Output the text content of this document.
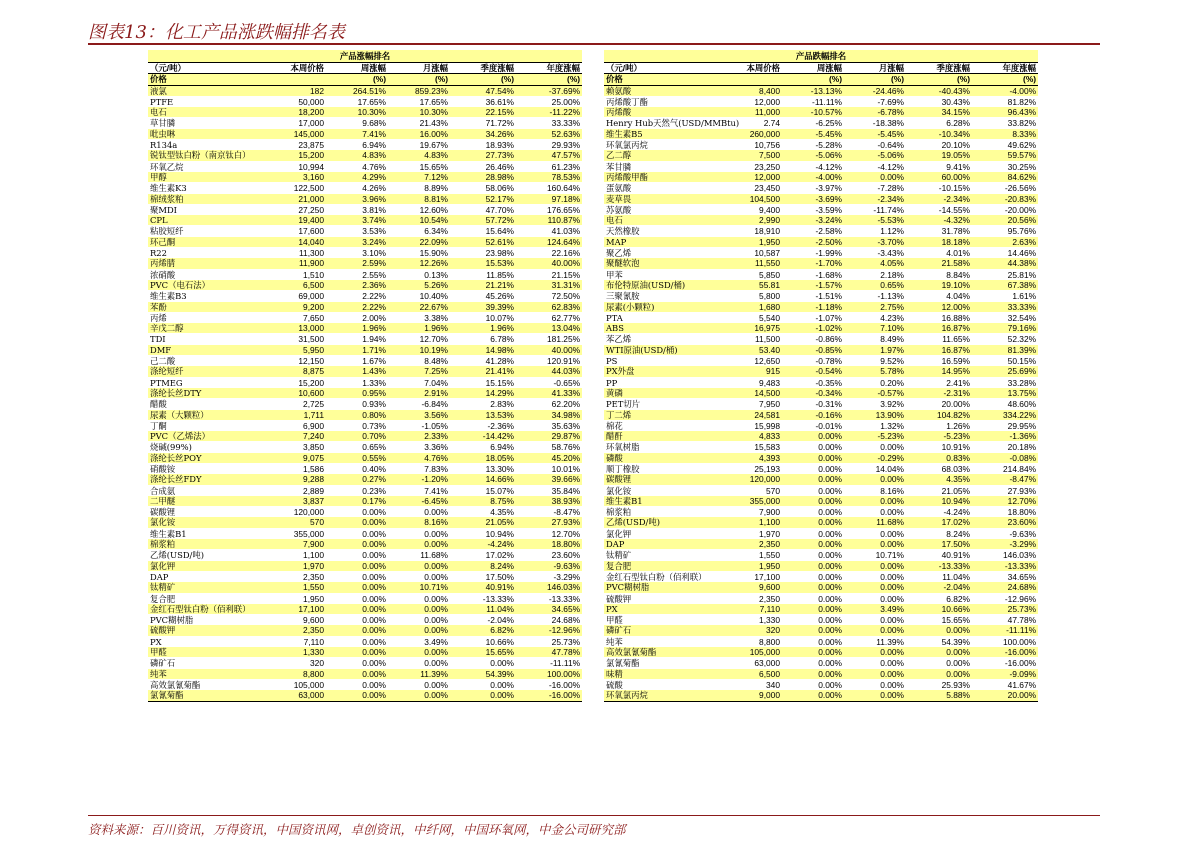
图表13：化工产品涨跌幅排名表
产品涨幅排名					
（元/吨）	本周价格	周涨幅	月涨幅	季度涨幅	年度涨幅
价格		(%)	(%)	(%)	(%)
液氯	182	264.51%	859.23%	47.54%	-37.69%
PTFE	50,000	17.65%	17.65%	36.61%	25.00%
电石	18,200	10.30%	10.30%	22.15%	-11.22%
草甘膦	17,000	9.68%	21.43%	71.72%	33.33%
吡虫啉	145,000	7.41%	16.00%	34.26%	52.63%
R134a	23,875	6.94%	19.67%	18.93%	29.93%
锐钛型钛白粉（南京钛白）	15,200	4.83%	4.83%	27.73%	47.57%
环氧乙烷	10,994	4.76%	15.65%	26.46%	61.23%
甲醇	3,160	4.29%	7.12%	28.98%	78.53%
维生素K3	122,500	4.26%	8.89%	58.06%	160.64%
棉绒浆粕	21,000	3.96%	8.81%	52.17%	97.18%
聚MDI	27,250	3.81%	12.60%	47.70%	176.65%
CPL	19,400	3.74%	10.54%	57.72%	110.87%
粘胶短纤	17,600	3.53%	6.34%	15.64%	41.03%
环己酮	14,040	3.24%	22.09%	52.61%	124.64%
R22	11,300	3.10%	15.90%	23.98%	22.16%
丙烯腈	11,900	2.59%	12.26%	15.53%	40.00%
浓硝酸	1,510	2.55%	0.13%	11.85%	21.15%
PVC（电石法）	6,500	2.36%	5.26%	21.21%	31.31%
维生素B3	69,000	2.22%	10.40%	45.26%	72.50%
苯酚	9,200	2.22%	22.67%	39.39%	62.83%
丙烯	7,650	2.00%	3.38%	10.07%	62.77%
辛戊二醇	13,000	1.96%	1.96%	1.96%	13.04%
TDI	31,500	1.94%	12.70%	6.78%	181.25%
DMF	5,950	1.71%	10.19%	14.98%	40.00%
己二酸	12,150	1.67%	8.48%	41.28%	120.91%
涤纶短纤	8,875	1.43%	7.25%	21.41%	44.03%
PTMEG	15,200	1.33%	7.04%	15.15%	-0.65%
涤纶长丝DTY	10,600	0.95%	2.91%	14.29%	41.33%
醋酸	2,725	0.93%	-6.84%	2.83%	62.20%
尿素（大颗粒）	1,711	0.80%	3.56%	13.53%	34.98%
丁酮	6,900	0.73%	-1.05%	-2.36%	35.63%
PVC（乙烯法）	7,240	0.70%	2.33%	-14.42%	29.87%
烧碱(99%)	3,850	0.65%	3.36%	6.94%	58.76%
涤纶长丝POY	9,075	0.55%	4.76%	18.05%	45.20%
硝酸铵	1,586	0.40%	7.83%	13.30%	10.01%
涤纶长丝FDY	9,288	0.27%	-1.20%	14.66%	39.66%
合成氨	2,889	0.23%	7.41%	15.07%	35.84%
二甲醚	3,837	0.17%	-6.45%	8.75%	38.93%
碳酸锂	120,000	0.00%	0.00%	4.35%	-8.47%
氯化铵	570	0.00%	8.16%	21.05%	27.93%
维生素B1	355,000	0.00%	0.00%	10.94%	12.70%
棉浆粕	7,900	0.00%	0.00%	-4.24%	18.80%
乙烯(USD/吨)	1,100	0.00%	11.68%	17.02%	23.60%
氯化钾	1,970	0.00%	0.00%	8.24%	-9.63%
DAP	2,350	0.00%	0.00%	17.50%	-3.29%
钛精矿	1,550	0.00%	10.71%	40.91%	146.03%
复合肥	1,950	0.00%	0.00%	-13.33%	-13.33%
金红石型钛白粉（佰利联）	17,100	0.00%	0.00%	11.04%	34.65%
PVC糊树脂	9,600	0.00%	0.00%	-2.04%	24.68%
硫酸钾	2,350	0.00%	0.00%	6.82%	-12.96%
PX	7,110	0.00%	3.49%	10.66%	25.73%
甲醛	1,330	0.00%	0.00%	15.65%	47.78%
磷矿石	320	0.00%	0.00%	0.00%	-11.11%
纯苯	8,800	0.00%	11.39%	54.39%	100.00%
高效氯氰菊酯	105,000	0.00%	0.00%	0.00%	-16.00%
氯氰菊酯	63,000	0.00%	0.00%	0.00%	-16.00%
产品跌幅排名					
（元/吨）	本周价格	周涨幅	月涨幅	季度涨幅	年度涨幅
价格		(%)	(%)	(%)	(%)
赖氨酸	8,400	-13.13%	-24.46%	-40.43%	-4.00%
丙烯酸丁酯	12,000	-11.11%	-7.69%	30.43%	81.82%
丙烯酸	11,000	-10.57%	-6.78%	34.15%	96.43%
Henry Hub天然气(USD/MMBtu)	2.74	-6.25%	-18.38%	6.28%	33.82%
维生素B5	260,000	-5.45%	-5.45%	-10.34%	8.33%
环氧氯丙烷	10,756	-5.28%	-0.64%	20.10%	49.62%
乙二醇	7,500	-5.06%	-5.06%	19.05%	59.57%
苯甘膦	23,250	-4.12%	-4.12%	9.41%	30.25%
丙烯酸甲酯	12,000	-4.00%	0.00%	60.00%	84.62%
蛋氨酸	23,450	-3.97%	-7.28%	-10.15%	-26.56%
麦草畏	104,500	-3.69%	-2.34%	-2.34%	-20.83%
苏氨酸	9,400	-3.59%	-11.74%	-14.55%	-20.00%
电石	2,990	-3.24%	-5.53%	-4.32%	20.56%
天然橡胶	18,910	-2.58%	1.12%	31.78%	95.76%
MAP	1,950	-2.50%	-3.70%	18.18%	2.63%
聚乙烯	10,587	-1.99%	-3.43%	4.01%	14.46%
聚醚软泡	11,550	-1.70%	4.05%	21.58%	44.38%
甲苯	5,850	-1.68%	2.18%	8.84%	25.81%
布伦特原油(USD/桶)	55.81	-1.57%	0.65%	19.10%	67.38%
三聚氰胺	5,800	-1.51%	-1.13%	4.04%	1.61%
尿素(小颗粒)	1,680	-1.18%	2.75%	12.00%	33.33%
PTA	5,540	-1.07%	4.23%	16.88%	32.54%
ABS	16,975	-1.02%	7.10%	16.87%	79.16%
苯乙烯	11,500	-0.86%	8.49%	11.65%	52.32%
WTI原油(USD/桶)	53.40	-0.85%	1.97%	16.87%	81.39%
PS	12,650	-0.78%	9.52%	16.59%	50.15%
PX外盘	915	-0.54%	5.78%	14.95%	25.69%
PP	9,483	-0.35%	0.20%	2.41%	33.28%
黄磷	14,500	-0.34%	-0.57%	-2.31%	13.75%
PET切片	7,950	-0.31%	3.92%	20.00%	48.60%
丁二烯	24,581	-0.16%	13.90%	104.82%	334.22%
棉花	15,998	-0.01%	1.32%	1.26%	29.95%
醋酐	4,833	0.00%	-5.23%	-5.23%	-1.36%
环氧树脂	15,583	0.00%	0.00%	10.91%	20.18%
磷酸	4,393	0.00%	-0.29%	0.83%	-0.08%
顺丁橡胶	25,193	0.00%	14.04%	68.03%	214.84%
碳酸锂	120,000	0.00%	0.00%	4.35%	-8.47%
氯化铵	570	0.00%	8.16%	21.05%	27.93%
维生素B1	355,000	0.00%	0.00%	10.94%	12.70%
棉浆粕	7,900	0.00%	0.00%	-4.24%	18.80%
乙烯(USD/吨)	1,100	0.00%	11.68%	17.02%	23.60%
氯化钾	1,970	0.00%	0.00%	8.24%	-9.63%
DAP	2,350	0.00%	0.00%	17.50%	-3.29%
钛精矿	1,550	0.00%	10.71%	40.91%	146.03%
复合肥	1,950	0.00%	0.00%	-13.33%	-13.33%
金红石型钛白粉（佰利联）	17,100	0.00%	0.00%	11.04%	34.65%
PVC糊树脂	9,600	0.00%	0.00%	-2.04%	24.68%
硫酸钾	2,350	0.00%	0.00%	6.82%	-12.96%
PX	7,110	0.00%	3.49%	10.66%	25.73%
甲醛	1,330	0.00%	0.00%	15.65%	47.78%
磷矿石	320	0.00%	0.00%	0.00%	-11.11%
纯苯	8,800	0.00%	11.39%	54.39%	100.00%
高效氯氰菊酯	105,000	0.00%	0.00%	0.00%	-16.00%
氯氰菊酯	63,000	0.00%	0.00%	0.00%	-16.00%
味精	6,500	0.00%	0.00%	0.00%	-9.09%
硫酸	340	0.00%	0.00%	25.93%	41.67%
环氧氯丙烷	9,000	0.00%	0.00%	5.88%	20.00%
资料来源：百川资讯，万得资讯，中国资讯网，卓创资讯，中纤网，中国环氧网，中金公司研究部
